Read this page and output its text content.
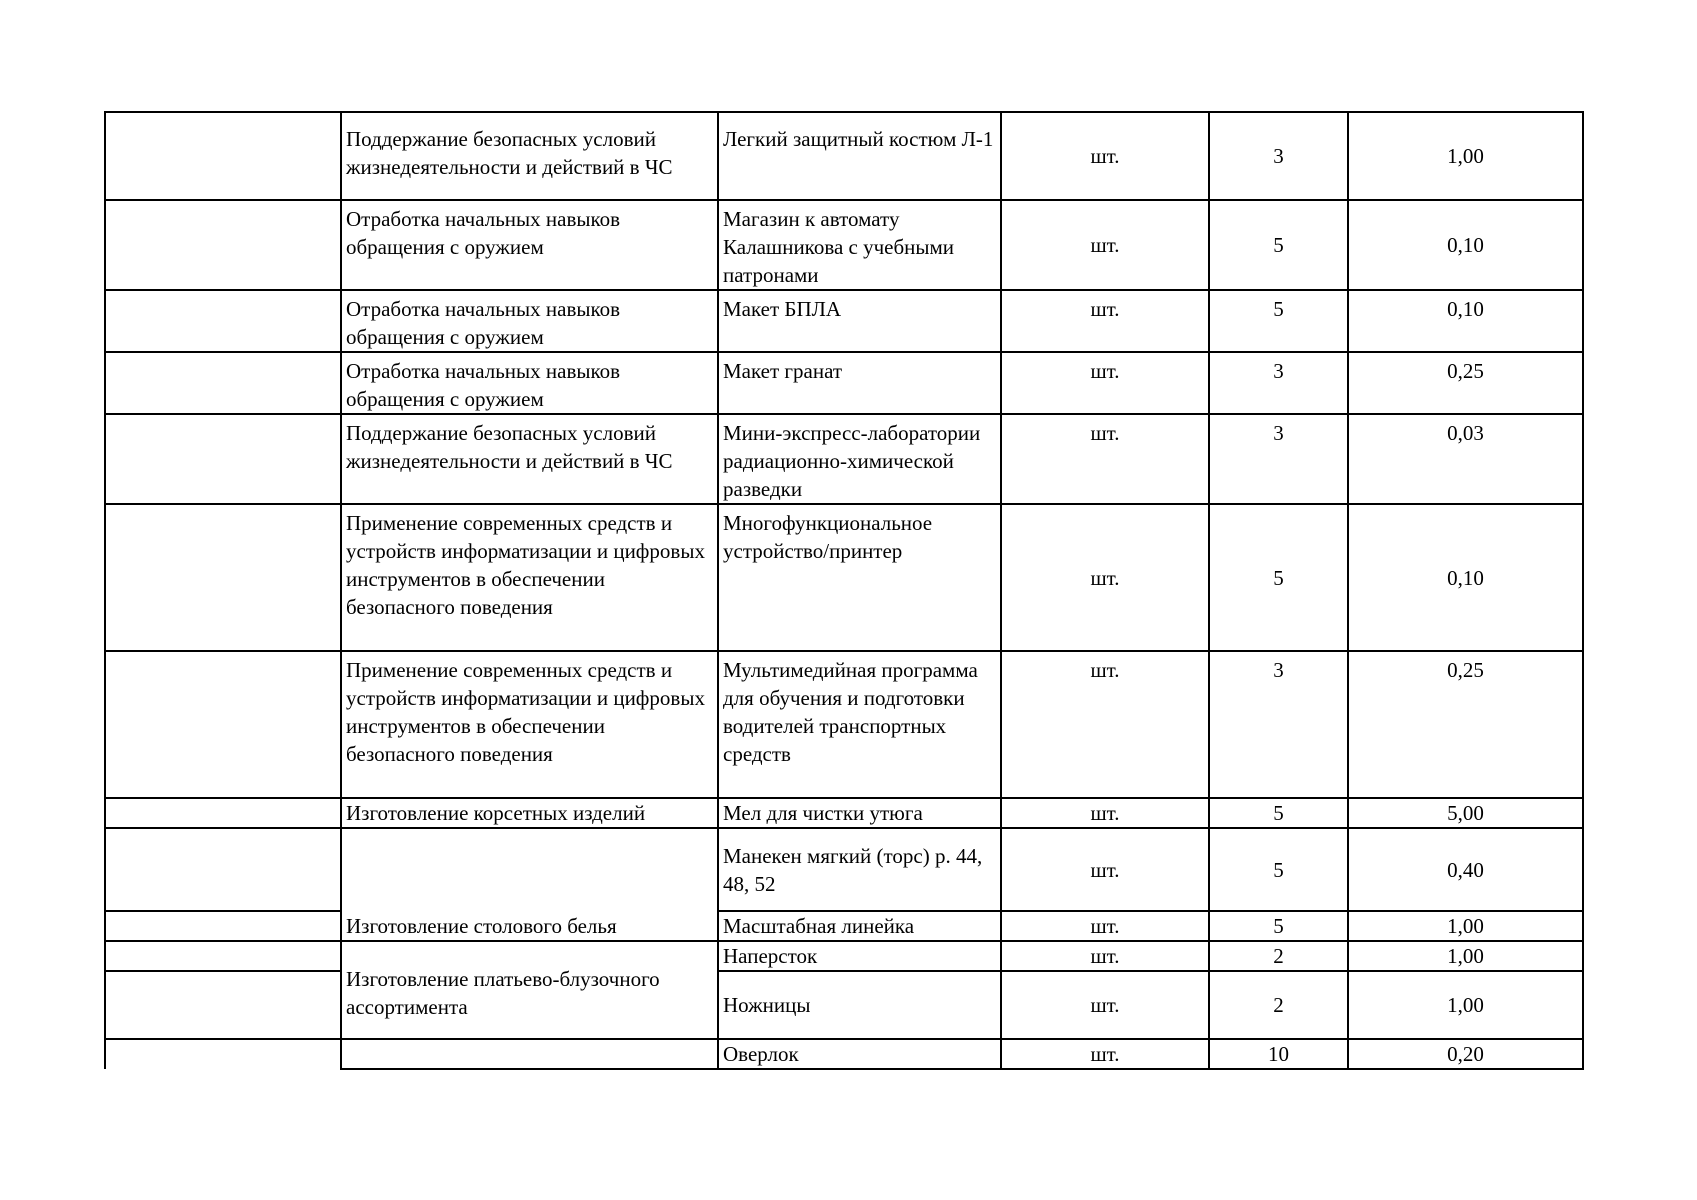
	Поддержание безопасных условий жизнедеятельности и действий в ЧС	Легкий защитный костюм Л-1	шт.	3	1,00
	Отработка начальных навыков обращения с оружием	Магазин к автомату Калашникова с учебными патронами	шт.	5	0,10
	Отработка начальных навыков обращения с оружием	Макет БПЛА	шт.	5	0,10
	Отработка начальных навыков обращения с оружием	Макет гранат	шт.	3	0,25
	Поддержание безопасных условий жизнедеятельности и действий в ЧС	Мини-экспресс-лаборатории радиационно-химической разведки	шт.	3	0,03
	Применение современных средств и устройств информатизации и цифровых инструментов в обеспечении безопасного поведения	Многофункциональное устройство/принтер	шт.	5	0,10
	Применение современных средств и устройств информатизации и цифровых инструментов в обеспечении безопасного поведения	Мультимедийная программа для обучения и подготовки водителей транспортных средств	шт.	3	0,25
	Изготовление корсетных изделий	Мел для чистки утюга	шт.	5	5,00
	Изготовление столового белья	Манекен мягкий (торс) р. 44, 48, 52	шт.	5	0,40
		Масштабная линейка	шт.	5	1,00
	Изготовление платьево-блузочного ассортимента	Наперсток	шт.	2	1,00
		Ножницы	шт.	2	1,00
		Оверлок	шт.	10	0,20
